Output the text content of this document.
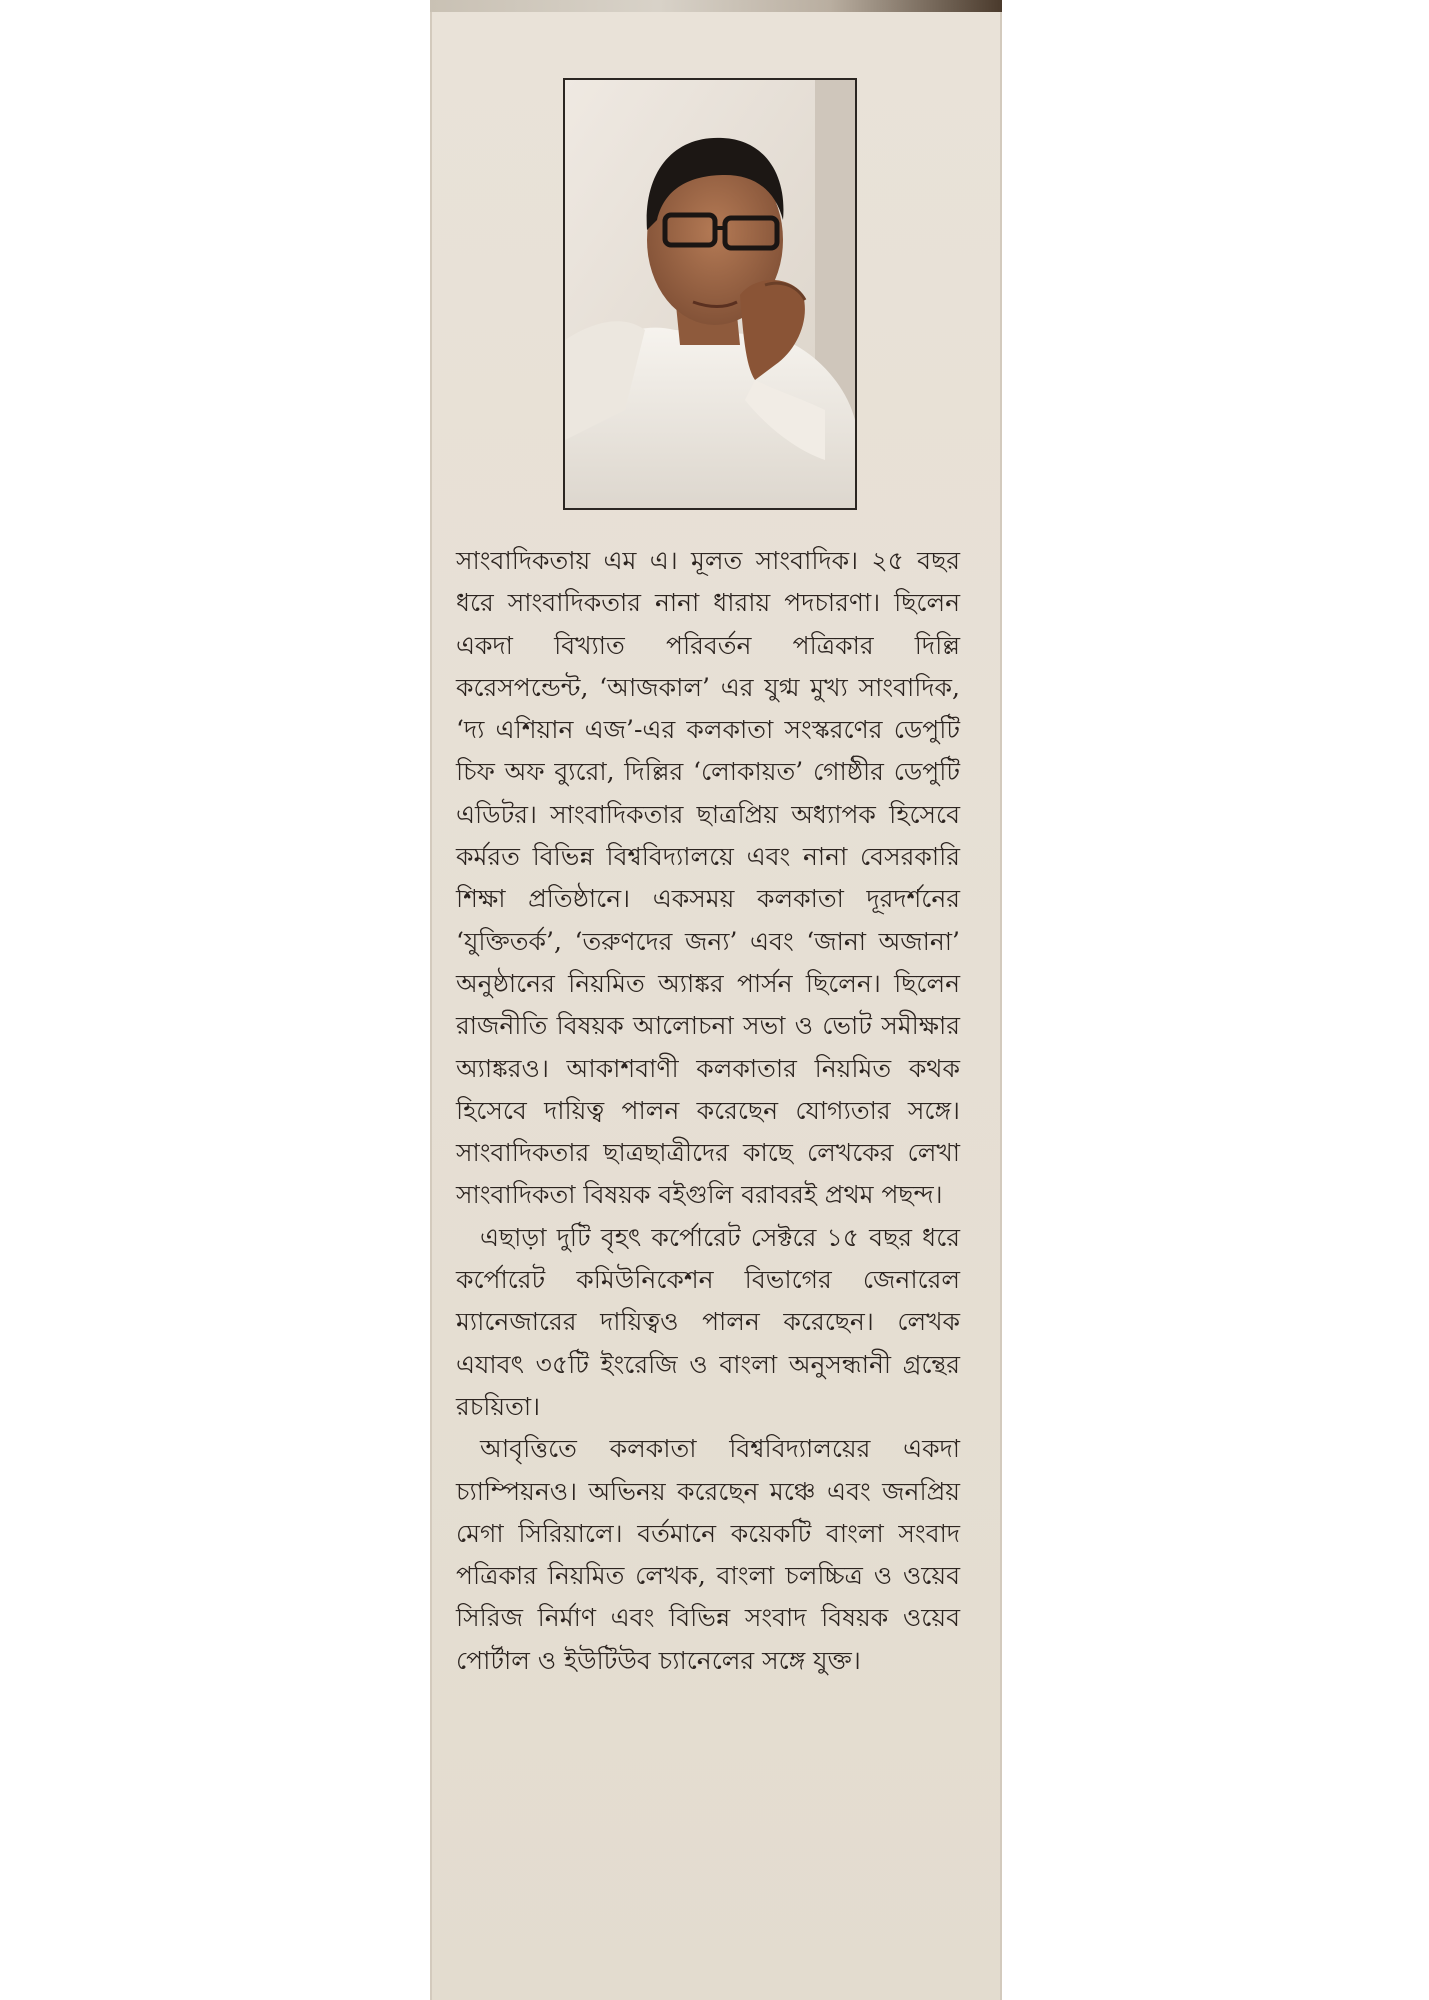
সাংবাদিকতায় এম এ। মূলত সাংবাদিক। ২৫ বছর ধরে সাংবাদিকতার নানা ধারায় পদচারণা। ছিলেন একদা বিখ্যাত পরিবর্তন পত্রিকার দিল্লি করেসপন্ডেন্ট, ‘আজকাল’ এর যুগ্ম মুখ্য সাংবাদিক, ‘দ্য এশিয়ান এজ’-এর কলকাতা সংস্করণের ডেপুটি চিফ অফ ব্যুরো, দিল্লির ‘লোকায়ত’ গোষ্ঠীর ডেপুটি এডিটর। সাংবাদিকতার ছাত্রপ্রিয় অধ্যাপক হিসেবে কর্মরত বিভিন্ন বিশ্ববিদ্যালয়ে এবং নানা বেসরকারি শিক্ষা প্রতিষ্ঠানে। একসময় কলকাতা দূরদর্শনের ‘যুক্তিতর্ক’, ‘তরুণদের জন্য’ এবং ‘জানা অজানা’ অনুষ্ঠানের নিয়মিত অ্যাঙ্কর পার্সন ছিলেন। ছিলেন রাজনীতি বিষয়ক আলোচনা সভা ও ভোট সমীক্ষার অ্যাঙ্করও। আকাশবাণী কলকাতার নিয়মিত কথক হিসেবে দায়িত্ব পালন করেছেন যোগ্যতার সঙ্গে। সাংবাদিকতার ছাত্রছাত্রীদের কাছে লেখকের লেখা সাংবাদিকতা বিষয়ক বইগুলি বরাবরই প্রথম পছন্দ।

এছাড়া দুটি বৃহৎ কর্পোরেট সেক্টরে ১৫ বছর ধরে কর্পোরেট কমিউনিকেশন বিভাগের জেনারেল ম্যানেজারের দায়িত্বও পালন করেছেন। লেখক এযাবৎ ৩৫টি ইংরেজি ও বাংলা অনুসন্ধানী গ্রন্থের রচয়িতা।

আবৃত্তিতে কলকাতা বিশ্ববিদ্যালয়ের একদা চ্যাম্পিয়নও। অভিনয় করেছেন মঞ্চে এবং জনপ্রিয় মেগা সিরিয়ালে। বর্তমানে কয়েকটি বাংলা সংবাদ পত্রিকার নিয়মিত লেখক, বাংলা চলচ্চিত্র ও ওয়েব সিরিজ নির্মাণ এবং বিভিন্ন সংবাদ বিষয়ক ওয়েব পোর্টাল ও ইউটিউব চ্যানেলের সঙ্গে যুক্ত।
